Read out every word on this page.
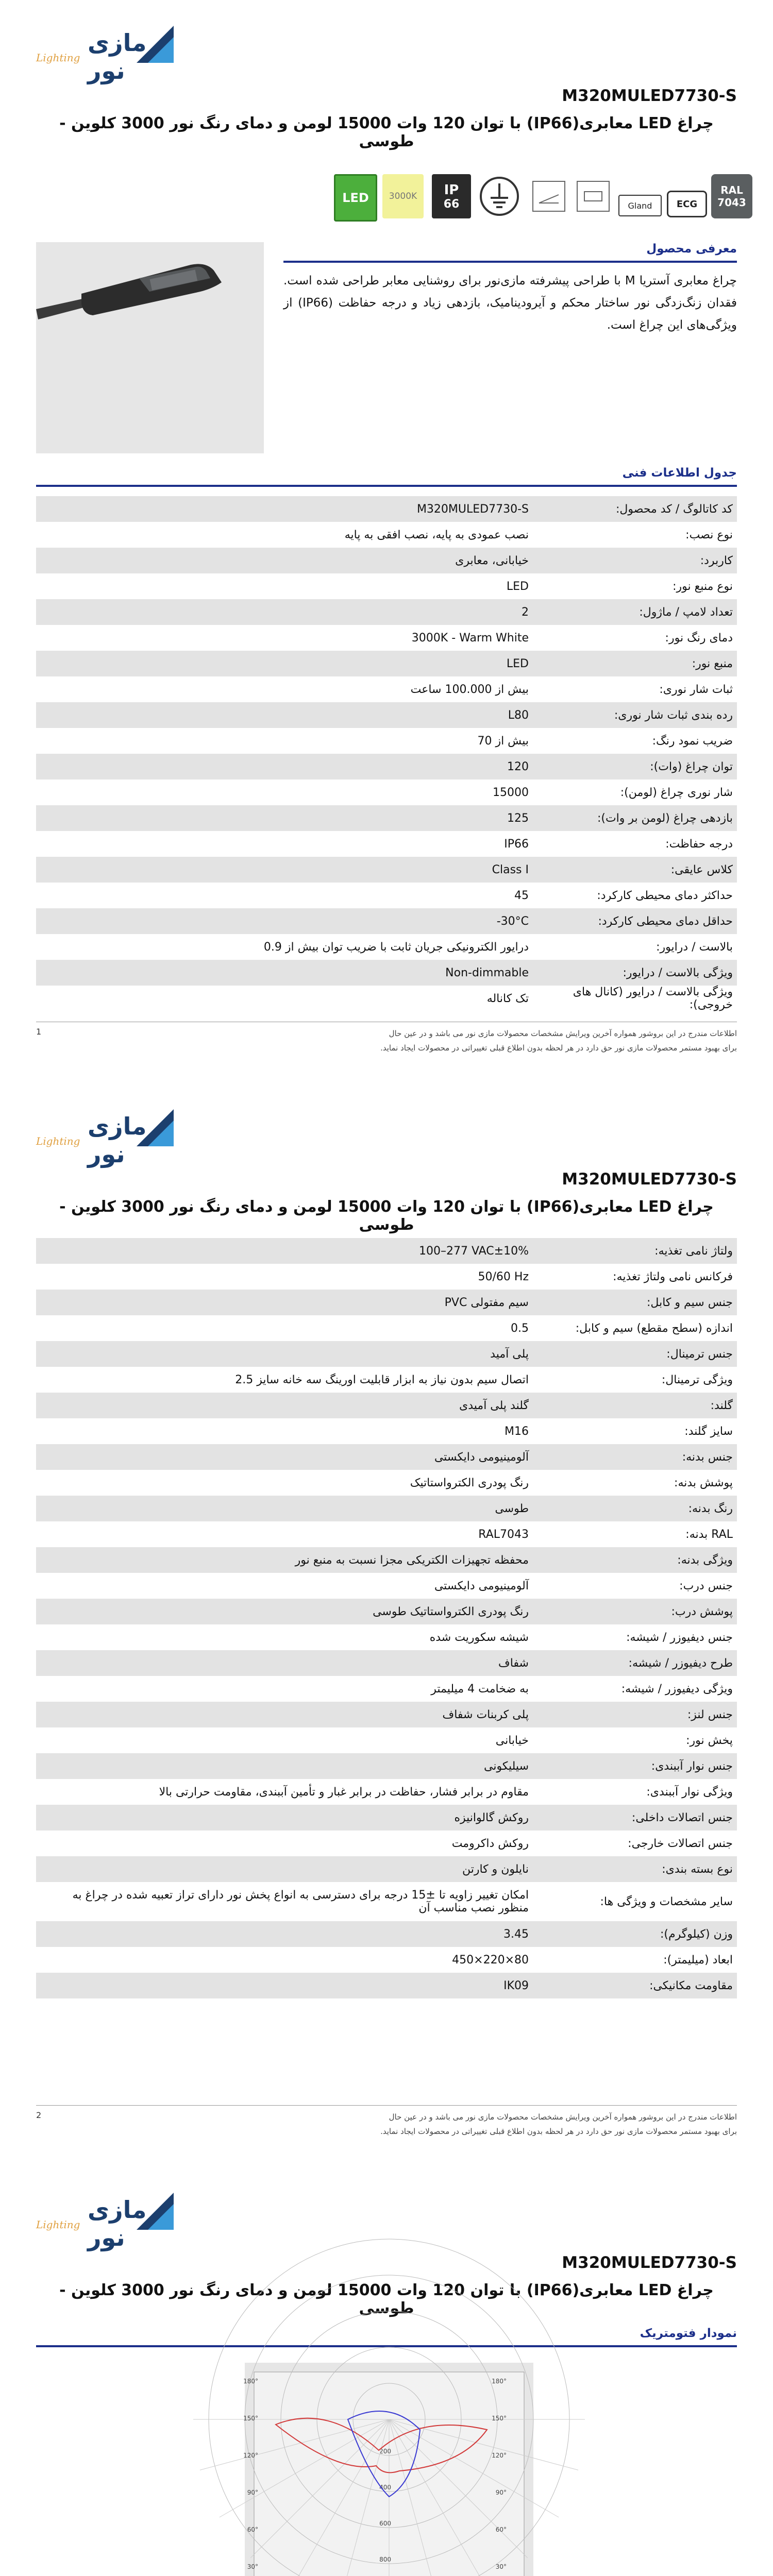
مازی نور
Lighting
M320MULED7730-S
چراغ LED معابری(IP66) با توان 120 وات 15000 لومن و دمای رنگ نور 3000 کلوین - طوسی
LED 3000K IP
66	Gland	ECG
RAL
7043
معرفی محصول
چراغ معابری آستریا M با طراحی پیشرفته مازی‌نور برای روشنایی معابر طراحی شده است. فقدان زنگ‌زدگی نور ساختار محکم و آیرودینامیک، بازدهی زیاد و درجه حفاظت (IP66) از ویژگی‌های این چراغ است.
جدول اطلاعات فنی
کد کاتالوگ / کد محصول:	M320MULED7730-S
نوع نصب:	نصب عمودی به پایه، نصب افقی به پایه
کاربرد:	خیابانی، معابری
نوع منبع نور:	LED
تعداد لامپ / ماژول:	2
دمای رنگ نور:	3000K - Warm White
منبع نور:	LED
ثبات شار نوری:	بیش از 100.000 ساعت
رده بندی ثبات شار نوری:	L80
ضریب نمود رنگ:	بیش از 70
توان چراغ (وات):	120
شار نوری چراغ (لومن):	15000
بازدهی چراغ (لومن بر وات):	125
درجه حفاظت:	IP66
کلاس عایقی:	Class I
حداکثر دمای محیطی کارکرد:	45
حداقل دمای محیطی کارکرد:	-30°C
بالاست / درایور:	درایور الکترونیکی جریان ثابت با ضریب توان بیش از 0.9
ویژگی بالاست / درایور:	Non-dimmable
ویژگی بالاست / درایور (کانال های خروجی):	تک کاناله
1	اطلاعات مندرج در این بروشور همواره آخرین ویرایش مشخصات محصولات مازی نور می باشد و در عین حال
برای بهبود مستمر محصولات مازی نور حق دارد در هر لحظه بدون اطلاع قبلی تغییراتی در محصولات ایجاد نماید.
مازی نور
Lighting
M320MULED7730-S
چراغ LED معابری(IP66) با توان 120 وات 15000 لومن و دمای رنگ نور 3000 کلوین - طوسی
ولتاژ نامی تغذیه:	100–277 VAC±10%
فرکانس نامی ولتاژ تغذیه:	50/60 Hz
جنس سیم و کابل:	سیم مفتولی PVC
اندازه (سطح مقطع) سیم و کابل:	0.5
جنس ترمینال:	پلی آمید
ویژگی ترمینال:	اتصال سیم بدون نیاز به ابزار قابلیت اورینگ سه خانه سایز 2.5
گلند:	گلند پلی آمیدی
سایز گلند:	M16
جنس بدنه:	آلومینیومی دایکستی
پوشش بدنه:	رنگ پودری الکترواستاتیک
رنگ بدنه:	طوسی
RAL بدنه:	RAL7043
ویژگی بدنه:	محفظه تجهیزات الکتریکی مجزا نسبت به منبع نور
جنس درب:	آلومینیومی دایکستی
پوشش درب:	رنگ پودری الکترواستاتیک طوسی
جنس دیفیوزر / شیشه:	شیشه سکوریت شده
طرح دیفیوزر / شیشه:	شفاف
ویژگی دیفیوزر / شیشه:	به ضخامت 4 میلیمتر
جنس لنز:	پلی کربنات شفاف
پخش نور:	خیابانی
جنس نوار آببندی:	سیلیکونی
ویژگی نوار آببندی:	مقاوم در برابر فشار، حفاظت در برابر غبار و تأمین آببندی، مقاومت حرارتی بالا
جنس اتصالات داخلی:	روکش گالوانیزه
جنس اتصالات خارجی:	روکش داکرومت
نوع بسته بندی:	نایلون و کارتن
سایر مشخصات و ویژگی ها:	امکان تغییر زاویه تا ±15 درجه برای دسترسی به انواع پخش نور دارای تراز تعبیه شده در چراغ به منظور نصب مناسب آن
وزن (کیلوگرم):	3.45
ابعاد (میلیمتر):	450×220×80
مقاومت مکانیکی:	IK09
2	اطلاعات مندرج در این بروشور همواره آخرین ویرایش مشخصات محصولات مازی نور می باشد و در عین حال
برای بهبود مستمر محصولات مازی نور حق دارد در هر لحظه بدون اطلاع قبلی تغییراتی در محصولات ایجاد نماید.
مازی نور
Lighting
M320MULED7730-S
چراغ LED معابری(IP66) با توان 120 وات 15000 لومن و دمای رنگ نور 3000 کلوین - طوسی
نمودار فتومتریک
200
400
600
800
180°	180°
150°	150°
120°	120°
90°	90°
60°	60°
30°	30°
